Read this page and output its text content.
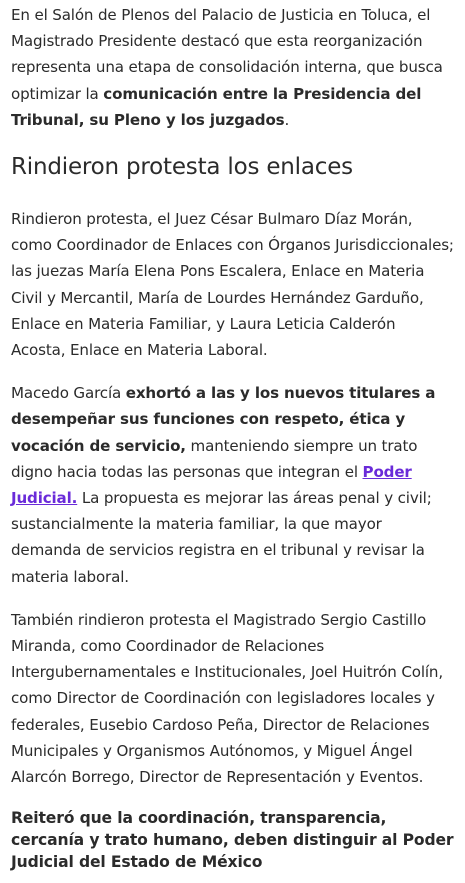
En el Salón de Plenos del Palacio de Justicia en Toluca, el Magistrado Presidente destacó que esta reorganización representa una etapa de consolidación interna, que busca optimizar la comunicación entre la Presidencia del Tribunal, su Pleno y los juzgados.

Rindieron protesta los enlaces

Rindieron protesta, el Juez César Bulmaro Díaz Morán, como Coordinador de Enlaces con Órganos Jurisdiccionales; las juezas María Elena Pons Escalera, Enlace en Materia Civil y Mercantil, María de Lourdes Hernández Garduño, Enlace en Materia Familiar, y Laura Leticia Calderón Acosta, Enlace en Materia Laboral.

Macedo García exhortó a las y los nuevos titulares a desempeñar sus funciones con respeto, ética y vocación de servicio, manteniendo siempre un trato digno hacia todas las personas que integran el Poder Judicial. La propuesta es mejorar las áreas penal y civil; sustancialmente la materia familiar, la que mayor demanda de servicios registra en el tribunal y revisar la materia laboral.

También rindieron protesta el Magistrado Sergio Castillo Miranda, como Coordinador de Relaciones Intergubernamentales e Institucionales, Joel Huitrón Colín, como Director de Coordinación con legisladores locales y federales, Eusebio Cardoso Peña, Director de Relaciones Municipales y Organismos Autónomos, y Miguel Ángel Alarcón Borrego, Director de Representación y Eventos.

Reiteró que la coordinación, transparencia, cercanía y trato humano, deben distinguir al Poder Judicial del Estado de México
